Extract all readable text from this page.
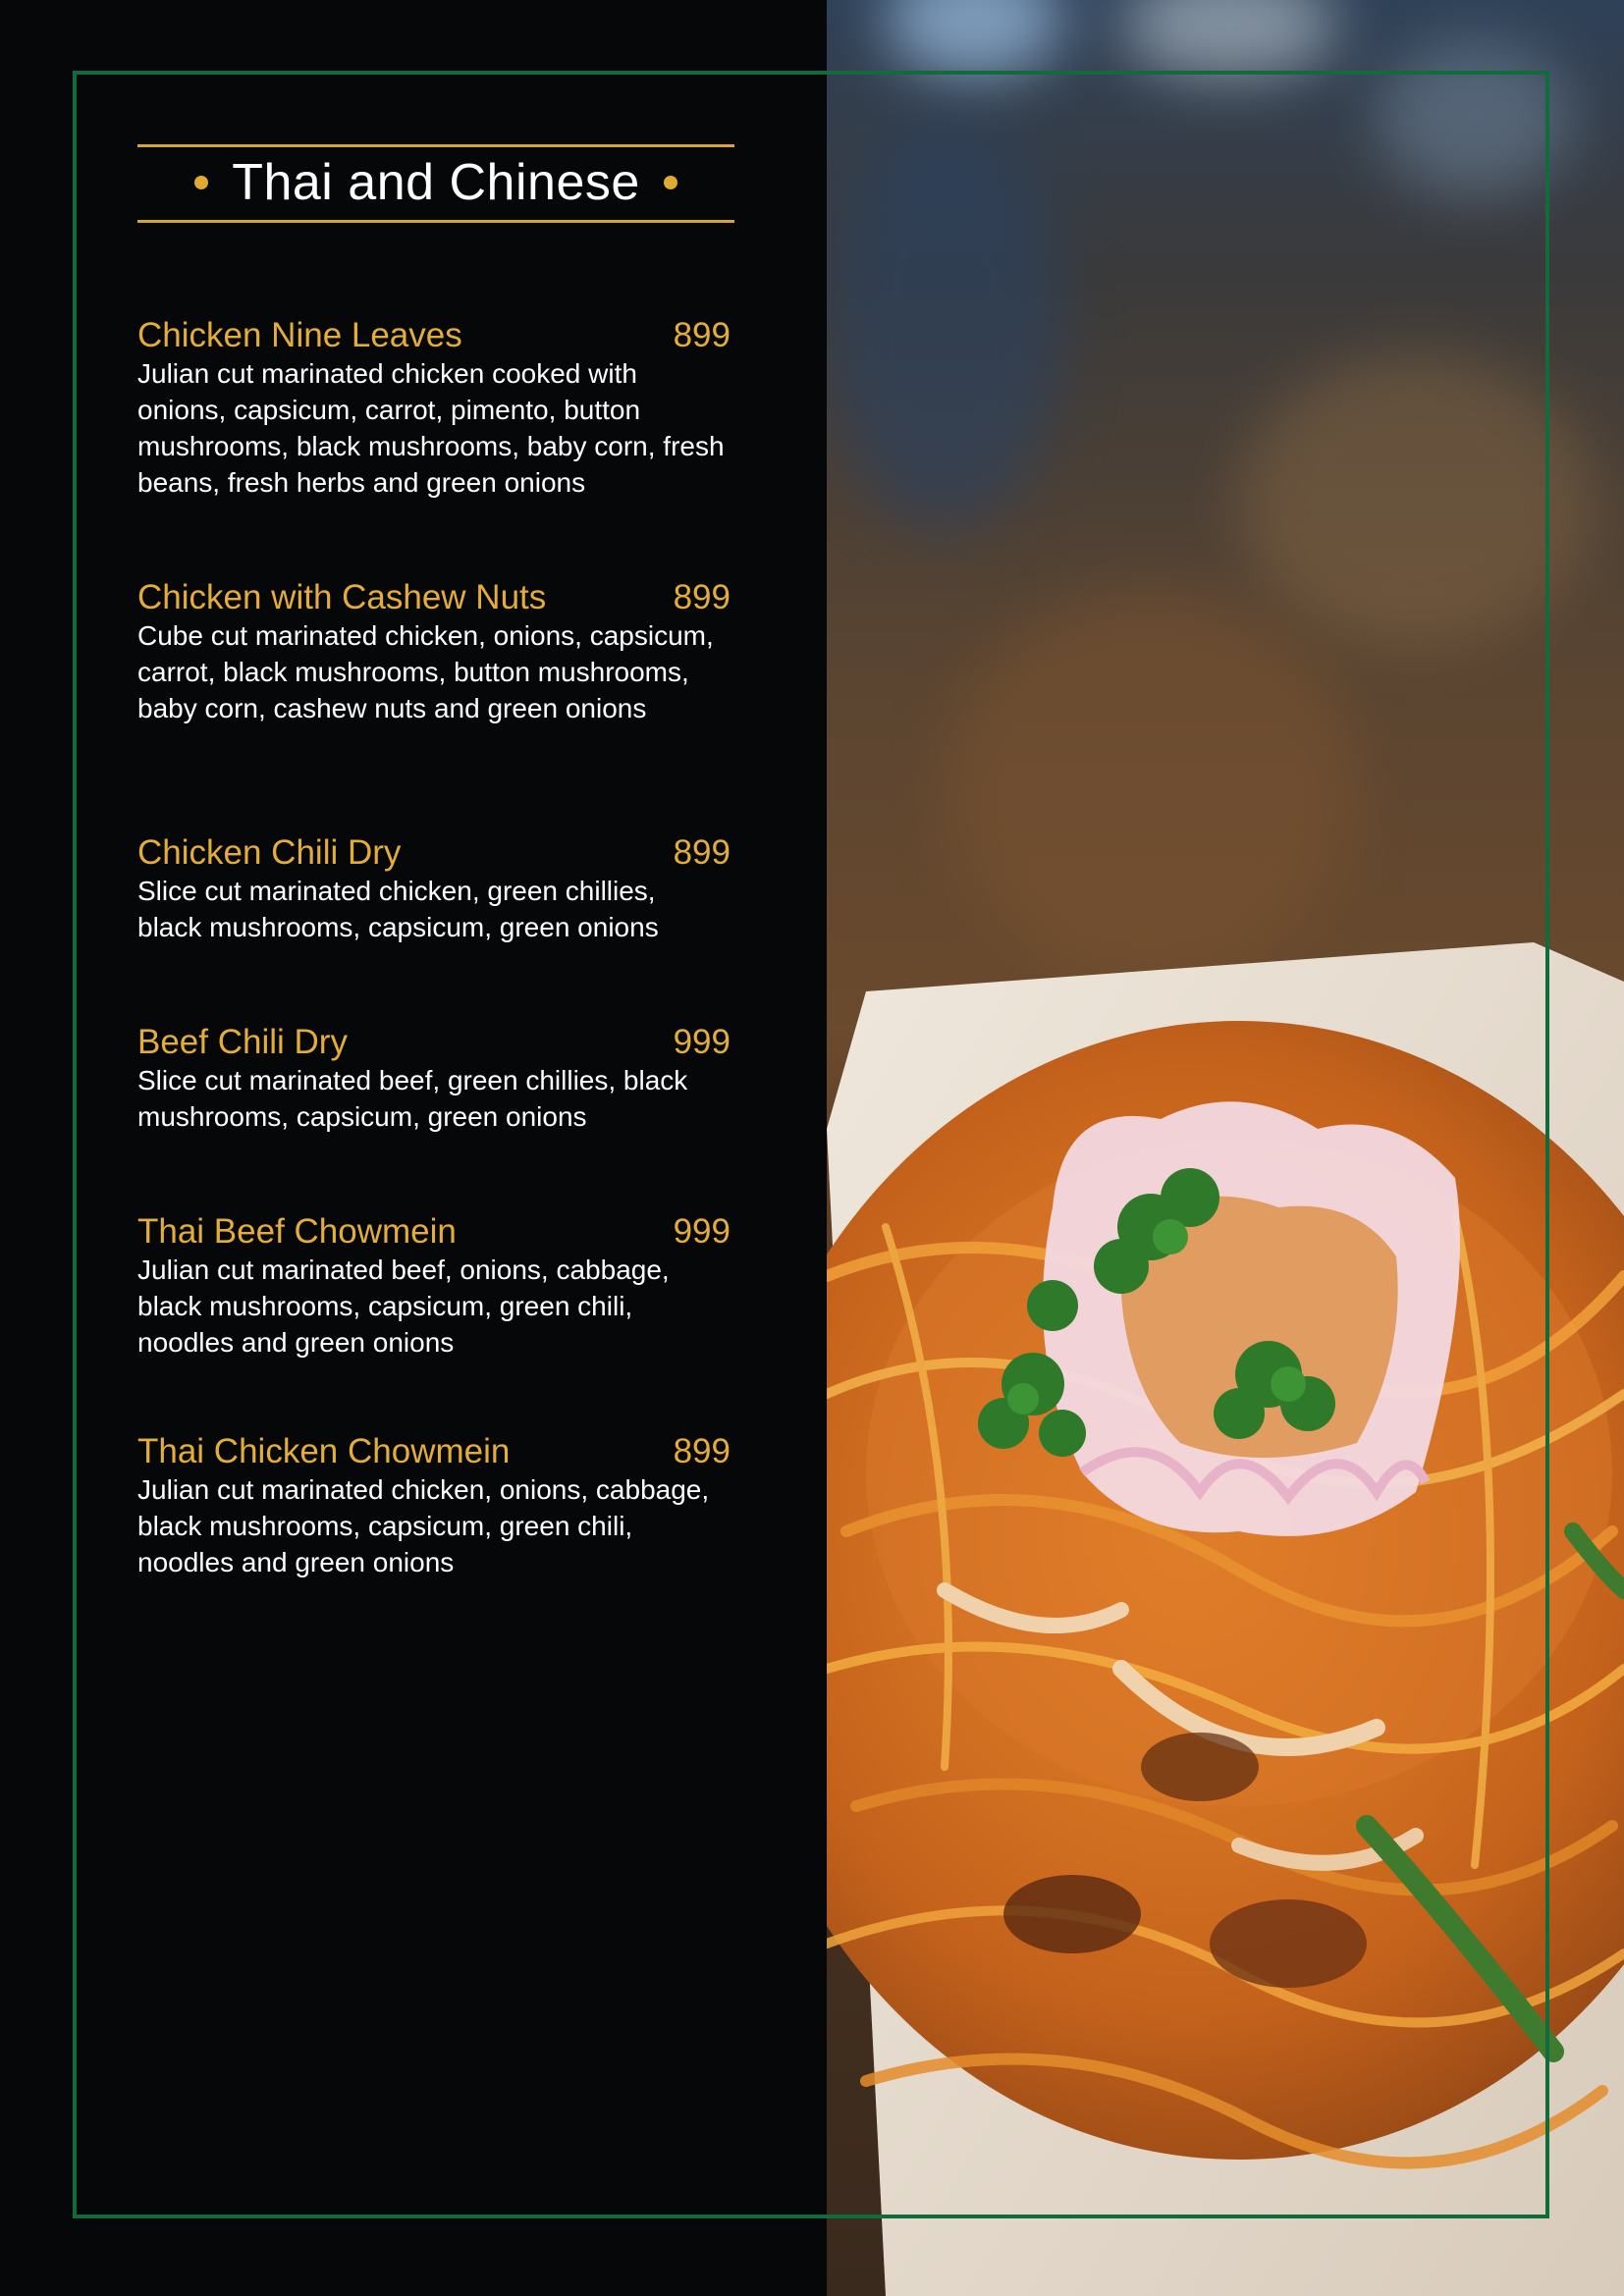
Thai and Chinese
Chicken Nine Leaves	899
Julian cut marinated chicken cooked with onions, capsicum, carrot, pimento, button mushrooms, black mushrooms, baby corn, fresh beans, fresh herbs and green onions
Chicken with Cashew Nuts	899
Cube cut marinated chicken, onions, capsicum, carrot, black mushrooms, button mushrooms, baby corn, cashew nuts and green onions
Chicken Chili Dry	899
Slice cut marinated chicken, green chillies, black mushrooms, capsicum, green onions
Beef Chili Dry	999
Slice cut marinated beef, green chillies, black mushrooms, capsicum, green onions
Thai Beef Chowmein	999
Julian cut marinated beef, onions, cabbage, black mushrooms, capsicum, green chili, noodles and green onions
Thai Chicken Chowmein	899
Julian cut marinated chicken, onions, cabbage, black mushrooms, capsicum, green chili, noodles and green onions
